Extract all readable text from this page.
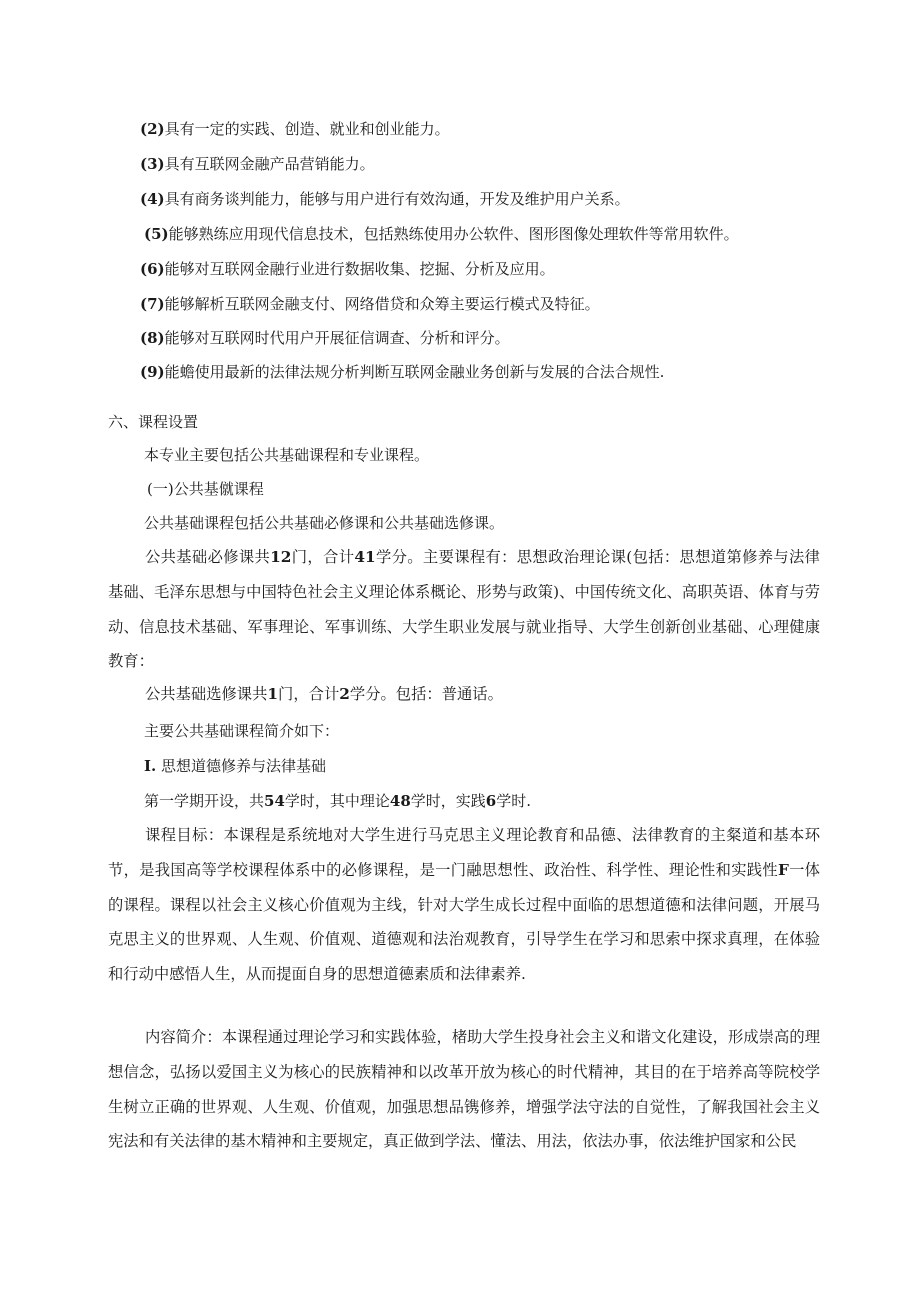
(2)具有一定的实践、创造、就业和创业能力。
(3)具有互联网金融产品营销能力。
(4)具有商务谈判能力，能够与用户进行有效沟通，开发及维护用户关系。
(5)能够熟练应用现代信息技术，包括熟练使用办公软件、图形图像处理软件等常用软件。
(6)能够对互联网金融行业进行数据收集、挖掘、分析及应用。
(7)能够解析互联网金融支付、网络借贷和众筹主要运行模式及特征。
(8)能够对互联网时代用户开展征信调查、分析和评分。
(9)能蟾使用最新的法律法规分析判断互联网金融业务创新与发展的合法合规性.
六、课程设置
本专业主要包括公共基础课程和专业课程。
(一)公共基僦课程
公共基础课程包括公共基础必修课和公共基础选修课。
公共基础必修课共12门，合计41学分。主要课程有：思想政治理论课(包括：思想道第修养与法律基础、毛泽东思想与中国特色社会主义理论体系概论、形势与政策)、中国传统文化、高职英语、体育与劳动、信息技术基础、军事理论、军事训练、大学生职业发展与就业指导、大学生创新创业基础、心理健康教育：
公共基础选修课共1门，合计2学分。包括：普通话。
主要公共基础课程简介如下：
I. 思想道德修养与法律基础
第一学期开设，共54学时，其中理论48学时，实践6学时.
课程目标：本课程是系统地对大学生进行马克思主义理论教育和品德、法律教育的主粲道和基本环节，是我国高等学校课程体系中的必修课程，是一门融思想性、政治性、科学性、理论性和实践性F一体的课程。课程以社会主义核心价值观为主线，针对大学生成长过程中面临的思想道德和法律问题，开展马克思主义的世界观、人生观、价值观、道德观和法治观教育，引导学生在学习和思索中探求真理，在体验和行动中感悟人生，从而提面自身的思想道德素质和法律素养.
内容简介：本课程通过理论学习和实践体验，楮助大学生投身社会主义和谐文化建设，形成崇高的理想信念，弘扬以爱国主义为核心的民族精神和以改革开放为核心的时代精神，其目的在于培养高等院校学生树立正确的世界观、人生观、价值观，加强思想品镌修养，增强学法守法的自觉性，了解我国社会主义宪法和有关法律的基木精神和主要规定，真正做到学法、懂法、用法，依法办事，依法维护国家和公民
